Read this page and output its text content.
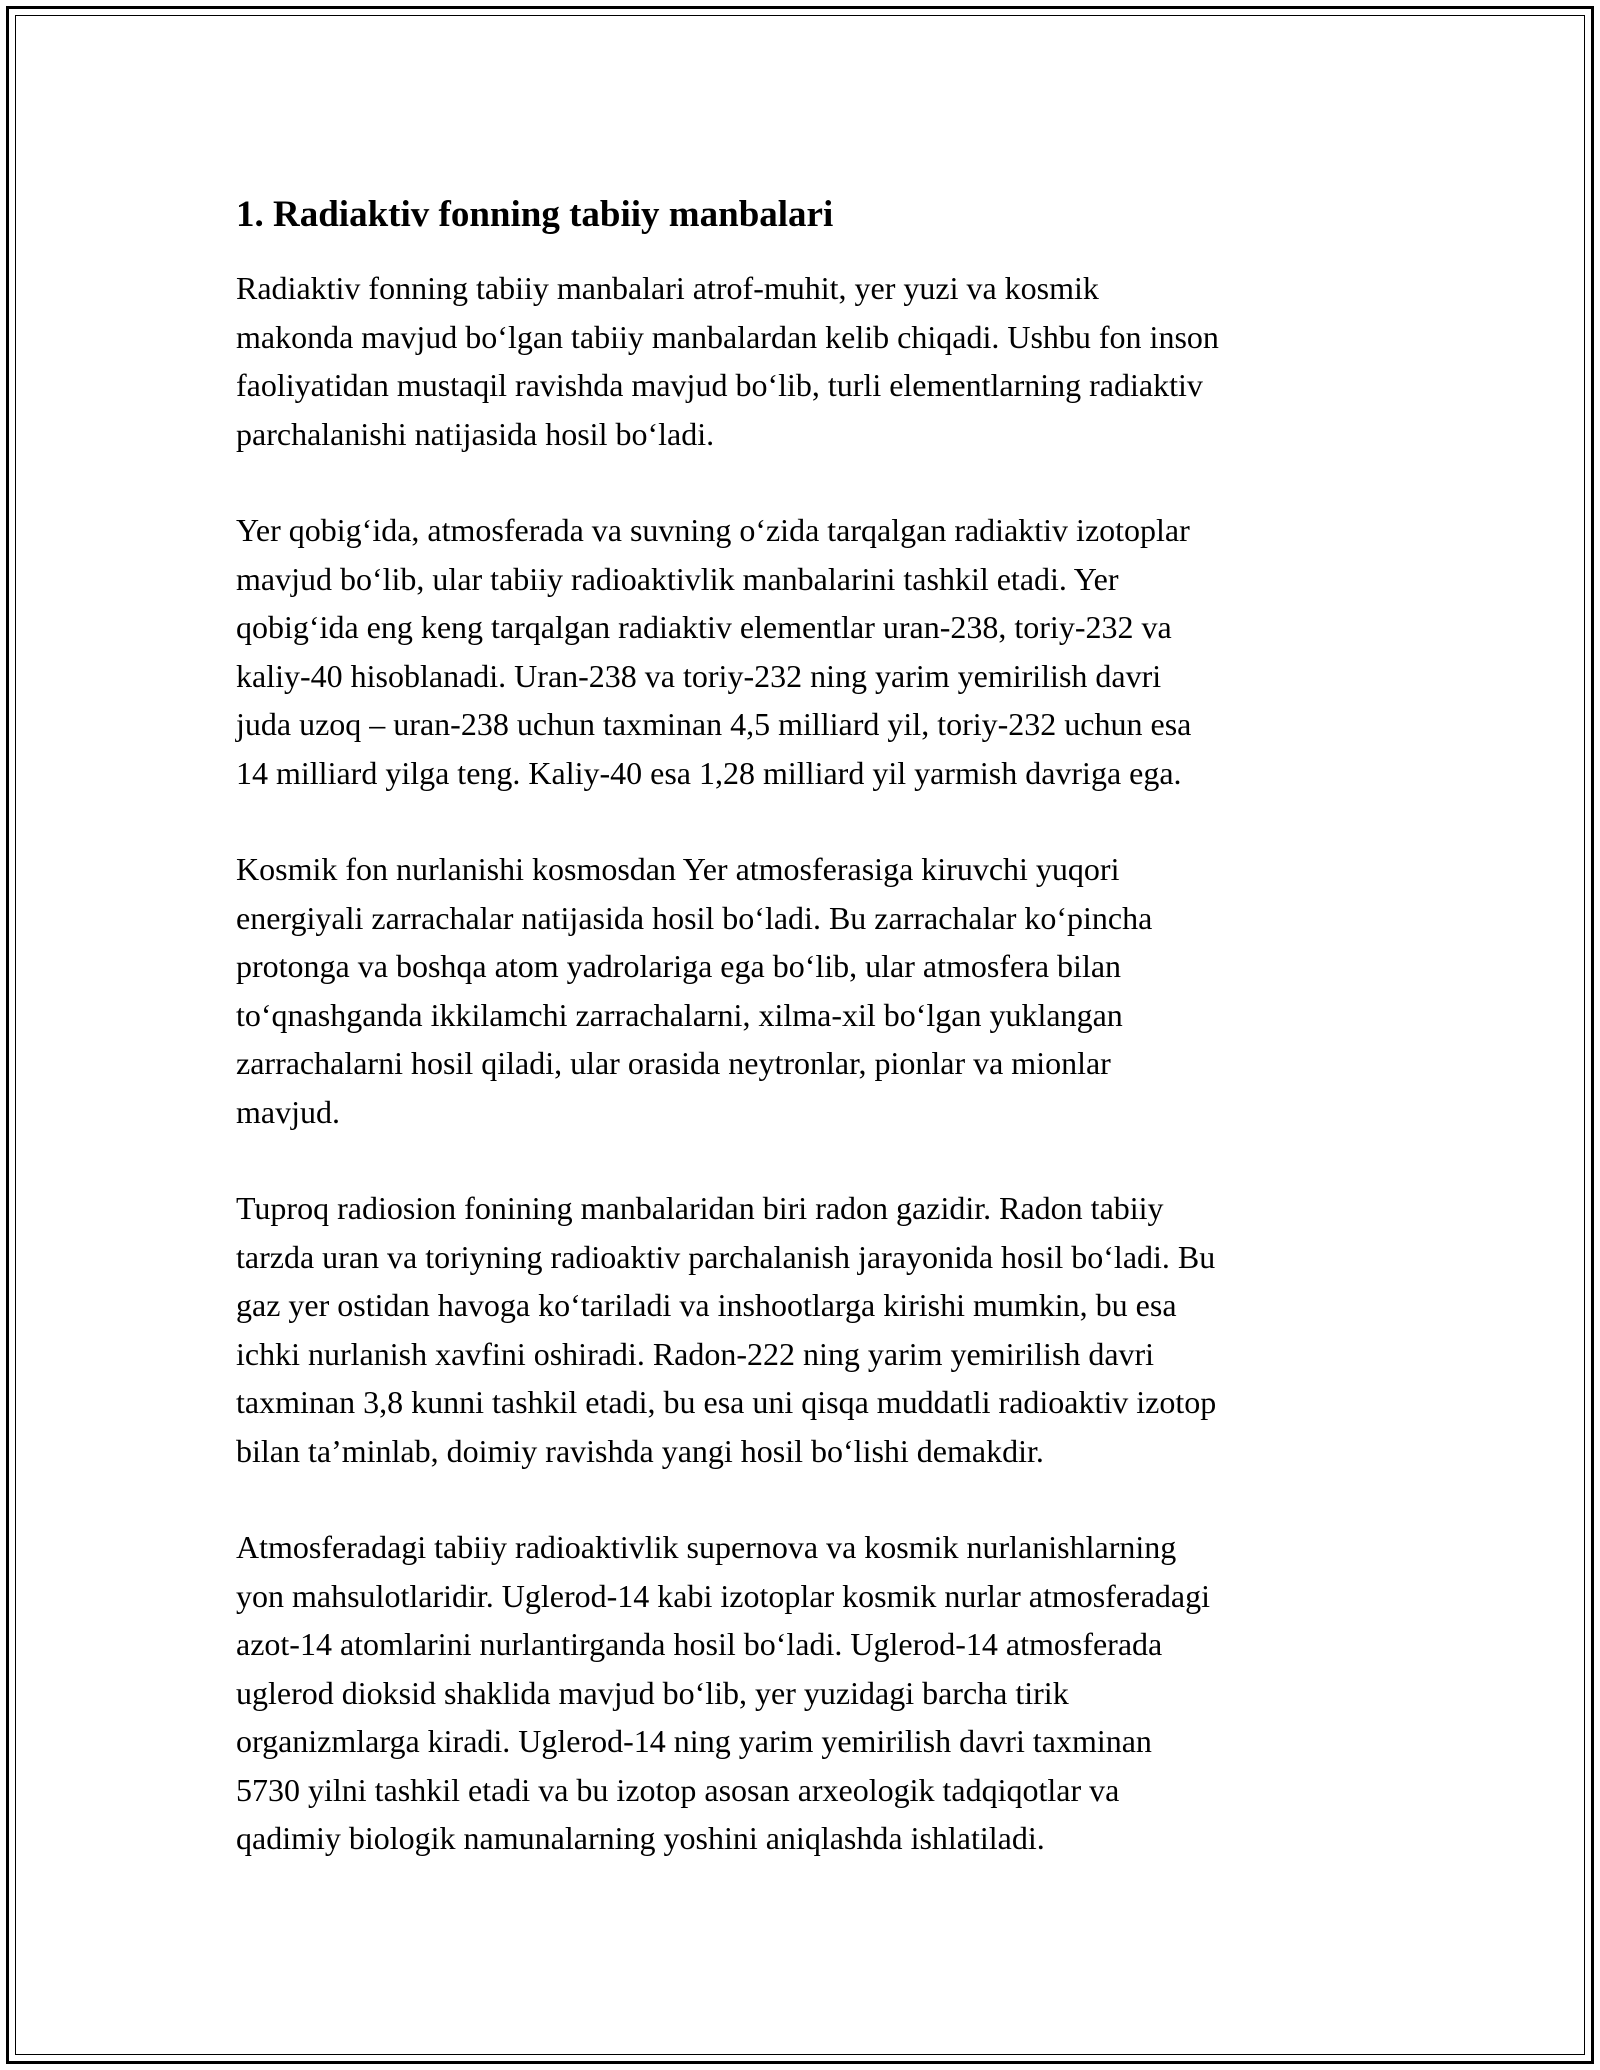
1. Radiaktiv fonning tabiiy manbalari

Radiaktiv fonning tabiiy manbalari atrof-muhit, yer yuzi va kosmik
makonda mavjud bo‘lgan tabiiy manbalardan kelib chiqadi. Ushbu fon inson
faoliyatidan mustaqil ravishda mavjud bo‘lib, turli elementlarning radiaktiv
parchalanishi natijasida hosil bo‘ladi.

Yer qobig‘ida, atmosferada va suvning o‘zida tarqalgan radiaktiv izotoplar
mavjud bo‘lib, ular tabiiy radioaktivlik manbalarini tashkil etadi. Yer
qobig‘ida eng keng tarqalgan radiaktiv elementlar uran-238, toriy-232 va
kaliy-40 hisoblanadi. Uran-238 va toriy-232 ning yarim yemirilish davri
juda uzoq – uran-238 uchun taxminan 4,5 milliard yil, toriy-232 uchun esa
14 milliard yilga teng. Kaliy-40 esa 1,28 milliard yil yarmish davriga ega.

Kosmik fon nurlanishi kosmosdan Yer atmosferasiga kiruvchi yuqori
energiyali zarrachalar natijasida hosil bo‘ladi. Bu zarrachalar ko‘pincha
protonga va boshqa atom yadrolariga ega bo‘lib, ular atmosfera bilan
to‘qnashganda ikkilamchi zarrachalarni, xilma-xil bo‘lgan yuklangan
zarrachalarni hosil qiladi, ular orasida neytronlar, pionlar va mionlar
mavjud.

Tuproq radiosion fonining manbalaridan biri radon gazidir. Radon tabiiy
tarzda uran va toriyning radioaktiv parchalanish jarayonida hosil bo‘ladi. Bu
gaz yer ostidan havoga ko‘tariladi va inshootlarga kirishi mumkin, bu esa
ichki nurlanish xavfini oshiradi. Radon-222 ning yarim yemirilish davri
taxminan 3,8 kunni tashkil etadi, bu esa uni qisqa muddatli radioaktiv izotop
bilan ta’minlab, doimiy ravishda yangi hosil bo‘lishi demakdir.

Atmosferadagi tabiiy radioaktivlik supernova va kosmik nurlanishlarning
yon mahsulotlaridir. Uglerod-14 kabi izotoplar kosmik nurlar atmosferadagi
azot-14 atomlarini nurlantirganda hosil bo‘ladi. Uglerod-14 atmosferada
uglerod dioksid shaklida mavjud bo‘lib, yer yuzidagi barcha tirik
organizmlarga kiradi. Uglerod-14 ning yarim yemirilish davri taxminan
5730 yilni tashkil etadi va bu izotop asosan arxeologik tadqiqotlar va
qadimiy biologik namunalarning yoshini aniqlashda ishlatiladi.
